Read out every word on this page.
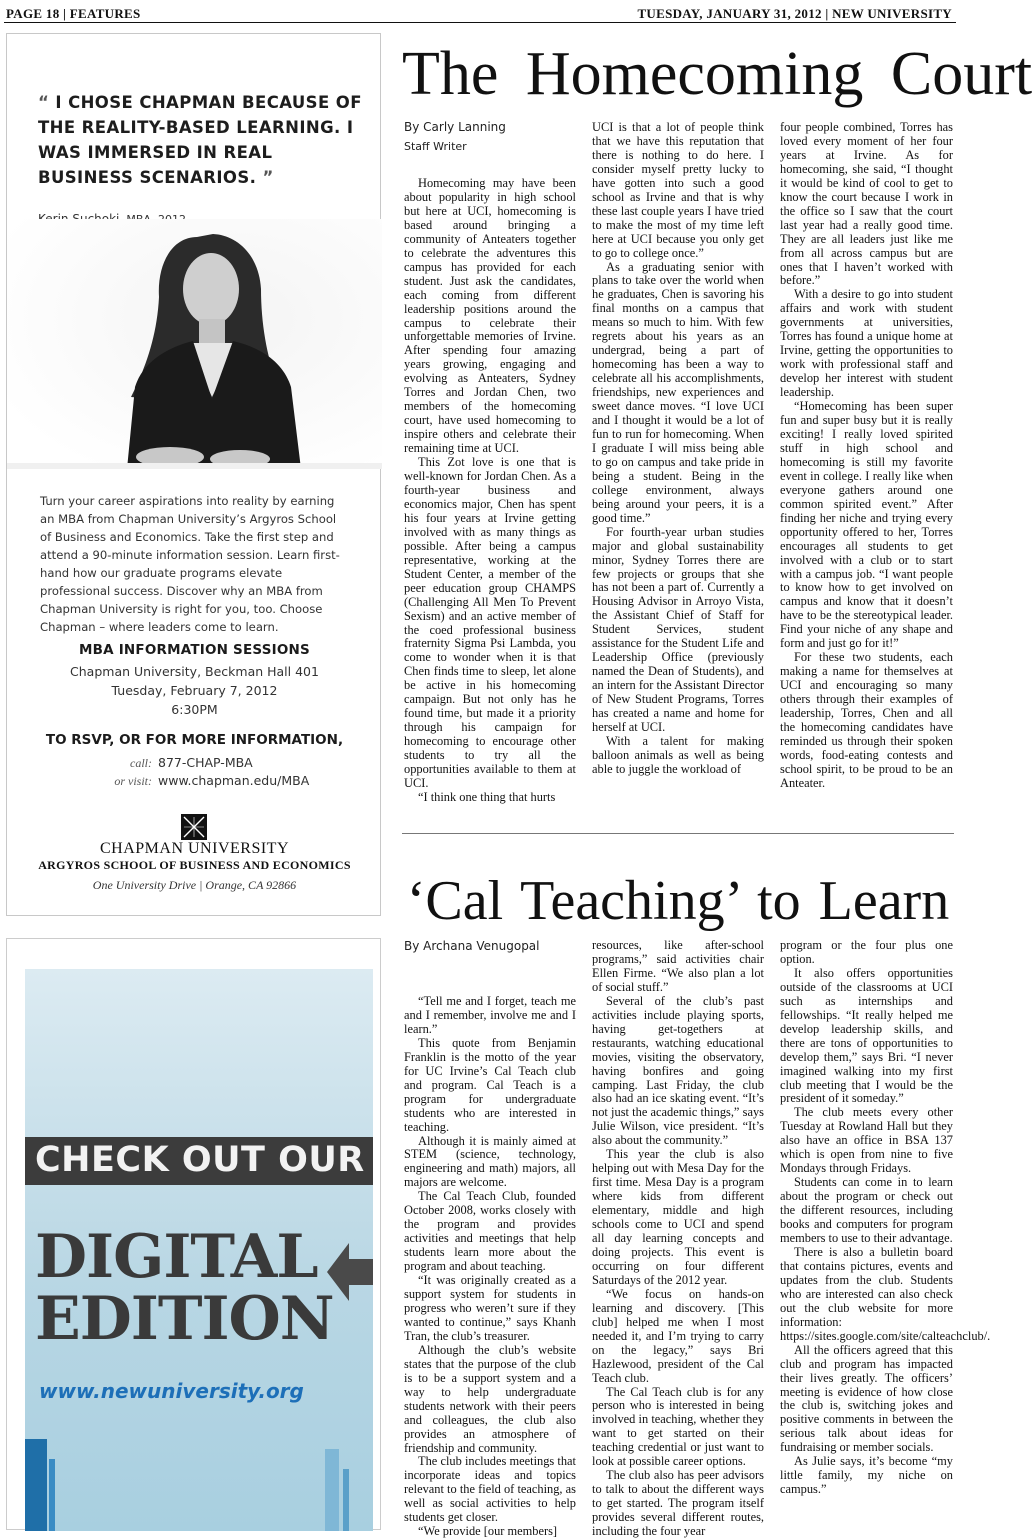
PAGE 18 | FEATURES	TUESDAY, JANUARY 31, 2012 | NEW UNIVERSITY
“ I CHOSE CHAPMAN BECAUSE OF THE REALITY-BASED LEARNING. I WAS IMMERSED IN REAL BUSINESS SCENARIOS. ”
Turn your career aspirations into reality by earning an MBA from Chapman University’s Argyros School of Business and Economics. Take the first step and attend a 90-minute information session. Learn first-hand how our graduate programs elevate professional success. Discover why an MBA from Chapman University is right for you, too. Choose Chapman – where leaders come to learn.
MBA INFORMATION SESSIONS
Chapman University, Beckman Hall 401
Tuesday, February 7, 2012
6:30PM
TO RSVP, OR FOR MORE INFORMATION,
call: 877-CHAP-MBA
or visit: www.chapman.edu/MBA
CHAPMAN UNIVERSITY
ARGYROS SCHOOL OF BUSINESS AND ECONOMICS
One University Drive | Orange, CA 92866
CHECK OUT OUR
DIGITAL
EDITION
www.newuniversity.org
The Homecoming Court
By Carly Lanning
Staff Writer

Homecoming may have been about popularity in high school but here at UCI, homecoming is based around bringing a community of Anteaters together to celebrate the adventures this campus has provided for each student. Just ask the candidates, each coming from different leadership positions around the campus to celebrate their unforgettable memories of Irvine. After spending four amazing years growing, engaging and evolving as Anteaters, Sydney Torres and Jordan Chen, two members of the homecoming court, have used homecoming to inspire others and celebrate their remaining time at UCI.

This Zot love is one that is well-known for Jordan Chen. As a fourth-year business and economics major, Chen has spent his four years at Irvine getting involved with as many things as possible. After being a campus representative, working at the Student Center, a member of the peer education group CHAMPS (Challenging All Men To Prevent Sexism) and an active member of the coed professional business fraternity Sigma Psi Lambda, you come to wonder when it is that Chen finds time to sleep, let alone be active in his homecoming campaign. But not only has he found time, but made it a priority through his campaign for homecoming to encourage other students to try all the opportunities available to them at UCI.

“I think one thing that hurts

UCI is that a lot of people think that we have this reputation that there is nothing to do here. I consider myself pretty lucky to have gotten into such a good school as Irvine and that is why these last couple years I have tried to make the most of my time left here at UCI because you only get to go to college once.”

As a graduating senior with plans to take over the world when he graduates, Chen is savoring his final months on a campus that means so much to him. With few regrets about his years as an undergrad, being a part of homecoming has been a way to celebrate all his accomplishments, friendships, new experiences and sweet dance moves. “I love UCI and I thought it would be a lot of fun to run for homecoming. When I graduate I will miss being able to go on campus and take pride in being a student. Being in the college environment, always being around your peers, it is a good time.”

For fourth-year urban studies major and global sustainability minor, Sydney Torres there are few projects or groups that she has not been a part of. Currently a Housing Advisor in Arroyo Vista, the Assistant Chief of Staff for Student Services, student assistance for the Student Life and Leadership Office (previously named the Dean of Students), and an intern for the Assistant Director of New Student Programs, Torres has created a name and home for herself at UCI.

With a talent for making balloon animals as well as being able to juggle the workload of

four people combined, Torres has loved every moment of her four years at Irvine. As for homecoming, she said, “I thought it would be kind of cool to get to know the court because I work in the office so I saw that the court last year had a really good time. They are all leaders just like me from all across campus but are ones that I haven’t worked with before.”

With a desire to go into student affairs and work with student governments at universities, Torres has found a unique home at Irvine, getting the opportunities to work with professional staff and develop her interest with student leadership.

“Homecoming has been super fun and super busy but it is really exciting! I really loved spirited stuff in high school and homecoming is still my favorite event in college. I really like when everyone gathers around one common spirited event.” After finding her niche and trying every opportunity offered to her, Torres encourages all students to get involved with a club or to start with a campus job. “I want people to know how to get involved on campus and know that it doesn’t have to be the stereotypical leader. Find your niche of any shape and form and just go for it!”

For these two students, each making a name for themselves at UCI and encouraging so many others through their examples of leadership, Torres, Chen and all the homecoming candidates have reminded us through their spoken words, food-eating contests and school spirit, to be proud to be an Anteater.

‘Cal Teaching’ to Learn
By Archana Venugopal

“Tell me and I forget, teach me and I remember, involve me and I learn.”

This quote from Benjamin Franklin is the motto of the year for UC Irvine’s Cal Teach club and program. Cal Teach is a program for undergraduate students who are interested in teaching.

Although it is mainly aimed at STEM (science, technology, engineering and math) majors, all majors are welcome.

The Cal Teach Club, founded October 2008, works closely with the program and provides activities and meetings that help students learn more about the program and about teaching.

“It was originally created as a support system for students in progress who weren’t sure if they wanted to continue,” says Khanh Tran, the club’s treasurer.

Although the club’s website states that the purpose of the club is to be a support system and a way to help undergraduate students network with their peers and colleagues, the club also provides an atmosphere of friendship and community.

The club includes meetings that incorporate ideas and topics relevant to the field of teaching, as well as social activities to help students get closer.

“We provide [our members]

resources, like after-school programs,” said activities chair Ellen Firme. “We also plan a lot of social stuff.”

Several of the club’s past activities include playing sports, having get-togethers at restaurants, watching educational movies, visiting the observatory, having bonfires and going camping. Last Friday, the club also had an ice skating event. “It’s not just the academic things,” says Julie Wilson, vice president. “It’s also about the community.”

This year the club is also helping out with Mesa Day for the first time. Mesa Day is a program where kids from different elementary, middle and high schools come to UCI and spend all day learning concepts and doing projects. This event is occurring on four different Saturdays of the 2012 year.

“We focus on hands-on learning and discovery. [This club] helped me when I most needed it, and I’m trying to carry on the legacy,” says Bri Hazlewood, president of the Cal Teach club.

The Cal Teach club is for any person who is interested in being involved in teaching, whether they want to get started on their teaching credential or just want to look at possible career options.

The club also has peer advisors to talk to about the different ways to get started. The program itself provides several different routes, including the four year

program or the four plus one option.

It also offers opportunities outside of the classrooms at UCI such as internships and fellowships. “It really helped me develop leadership skills, and there are tons of opportunities to develop them,” says Bri. “I never imagined walking into my first club meeting that I would be the president of it someday.”

The club meets every other Tuesday at Rowland Hall but they also have an office in BSA 137 which is open from nine to five Mondays through Fridays.

Students can come in to learn about the program or check out the different resources, including books and computers for program members to use to their advantage.

There is also a bulletin board that contains pictures, events and updates from the club. Students who are interested can also check out the club website for more information: https://sites.google.com/site/calteachclub/.

All the officers agreed that this club and program has impacted their lives greatly. The officers’ meeting is evidence of how close the club is, switching jokes and positive comments in between the serious talk about ideas for fundraising or member socials.

As Julie says, it’s become “my little family, my niche on campus.”
